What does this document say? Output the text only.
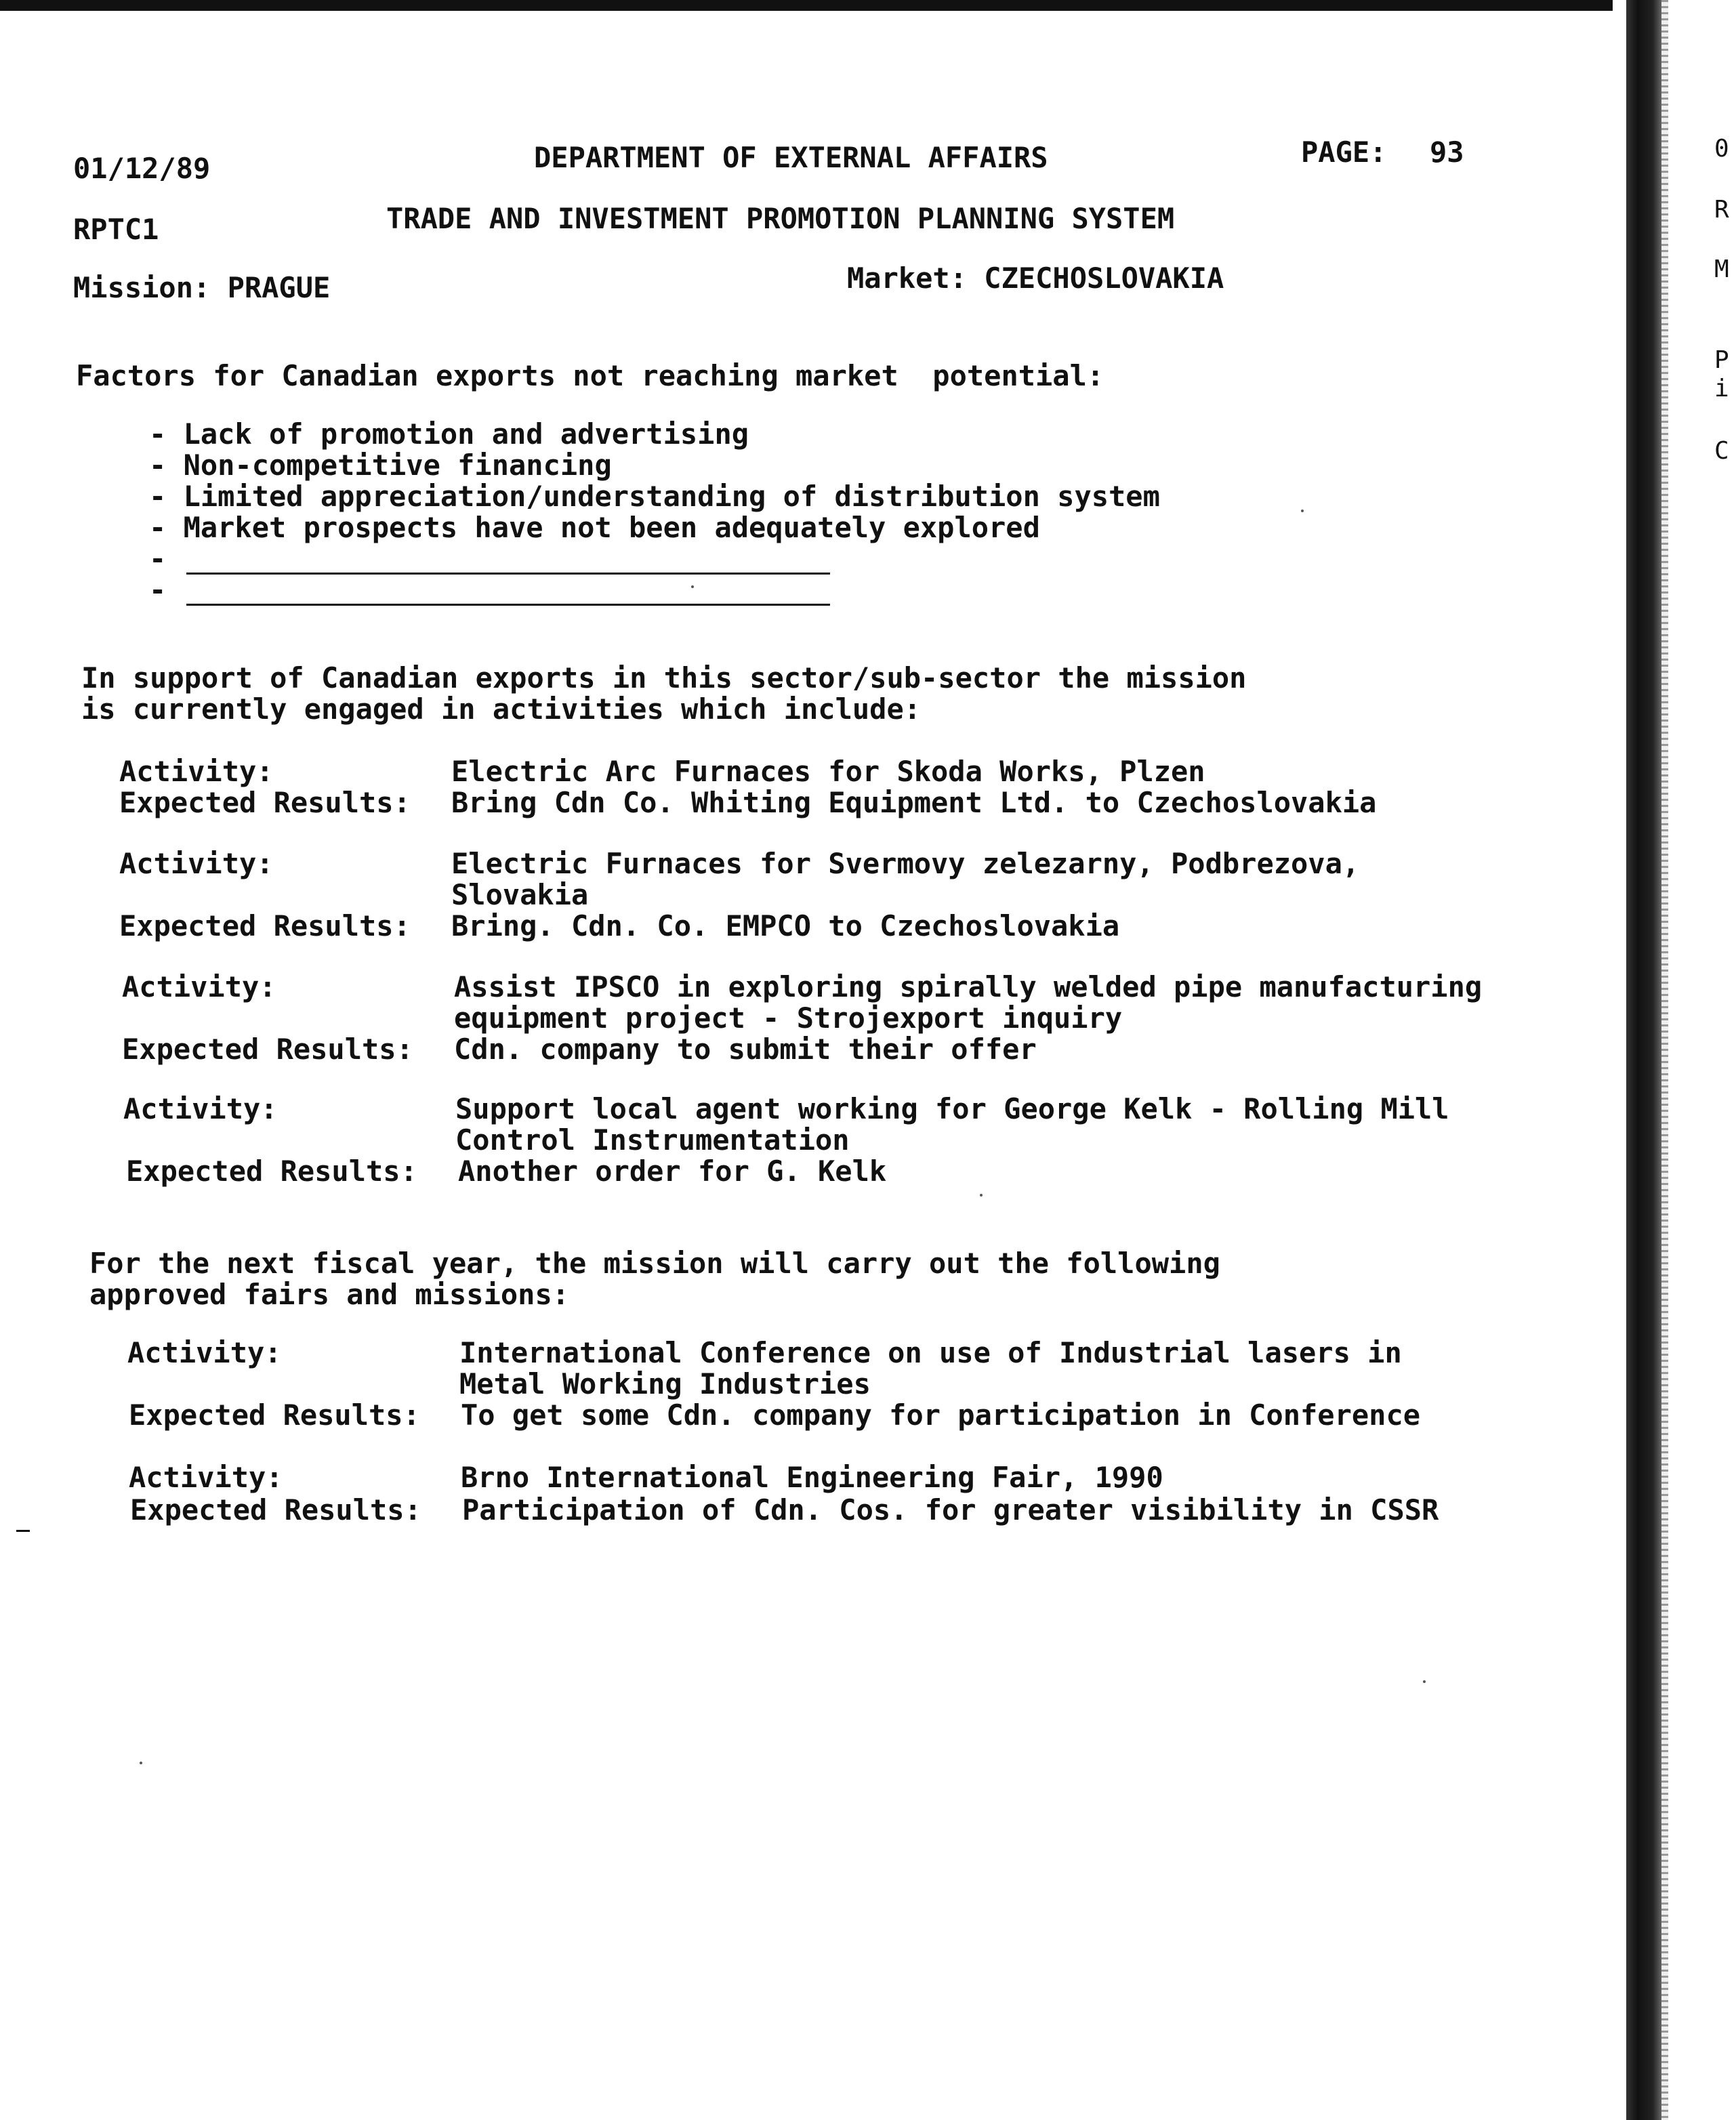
01/12/89	DEPARTMENT OF EXTERNAL AFFAIRS	PAGE: 93
RPTC1	TRADE AND INVESTMENT PROMOTION PLANNING SYSTEM
Mission: PRAGUE	Market: CZECHOSLOVAKIA
Factors for Canadian exports not reaching market  potential:
- Lack of promotion and advertising
- Non-competitive financing
- Limited appreciation/understanding of distribution system
- Market prospects have not been adequately explored
-
-
In support of Canadian exports in this sector/sub-sector the mission
is currently engaged in activities which include:
Activity:	Electric Arc Furnaces for Skoda Works, Plzen
Expected Results:	Bring Cdn Co. Whiting Equipment Ltd. to Czechoslovakia
Activity:	Electric Furnaces for Svermovy zelezarny, Podbrezova,
Slovakia
Expected Results:	Bring. Cdn. Co. EMPCO to Czechoslovakia
Activity:	Assist IPSCO in exploring spirally welded pipe manufacturing
equipment project - Strojexport inquiry
Expected Results:	Cdn. company to submit their offer
Activity:	Support local agent working for George Kelk - Rolling Mill
Control Instrumentation
Expected Results:	Another order for G. Kelk
For the next fiscal year, the mission will carry out the following
approved fairs and missions:
Activity:	International Conference on use of Industrial lasers in
Metal Working Industries
Expected Results:	To get some Cdn. company for participation in Conference
Activity:	Brno International Engineering Fair, 1990
Expected Results:	Participation of Cdn. Cos. for greater visibility in CSSR
0
R
M
P
i
C
